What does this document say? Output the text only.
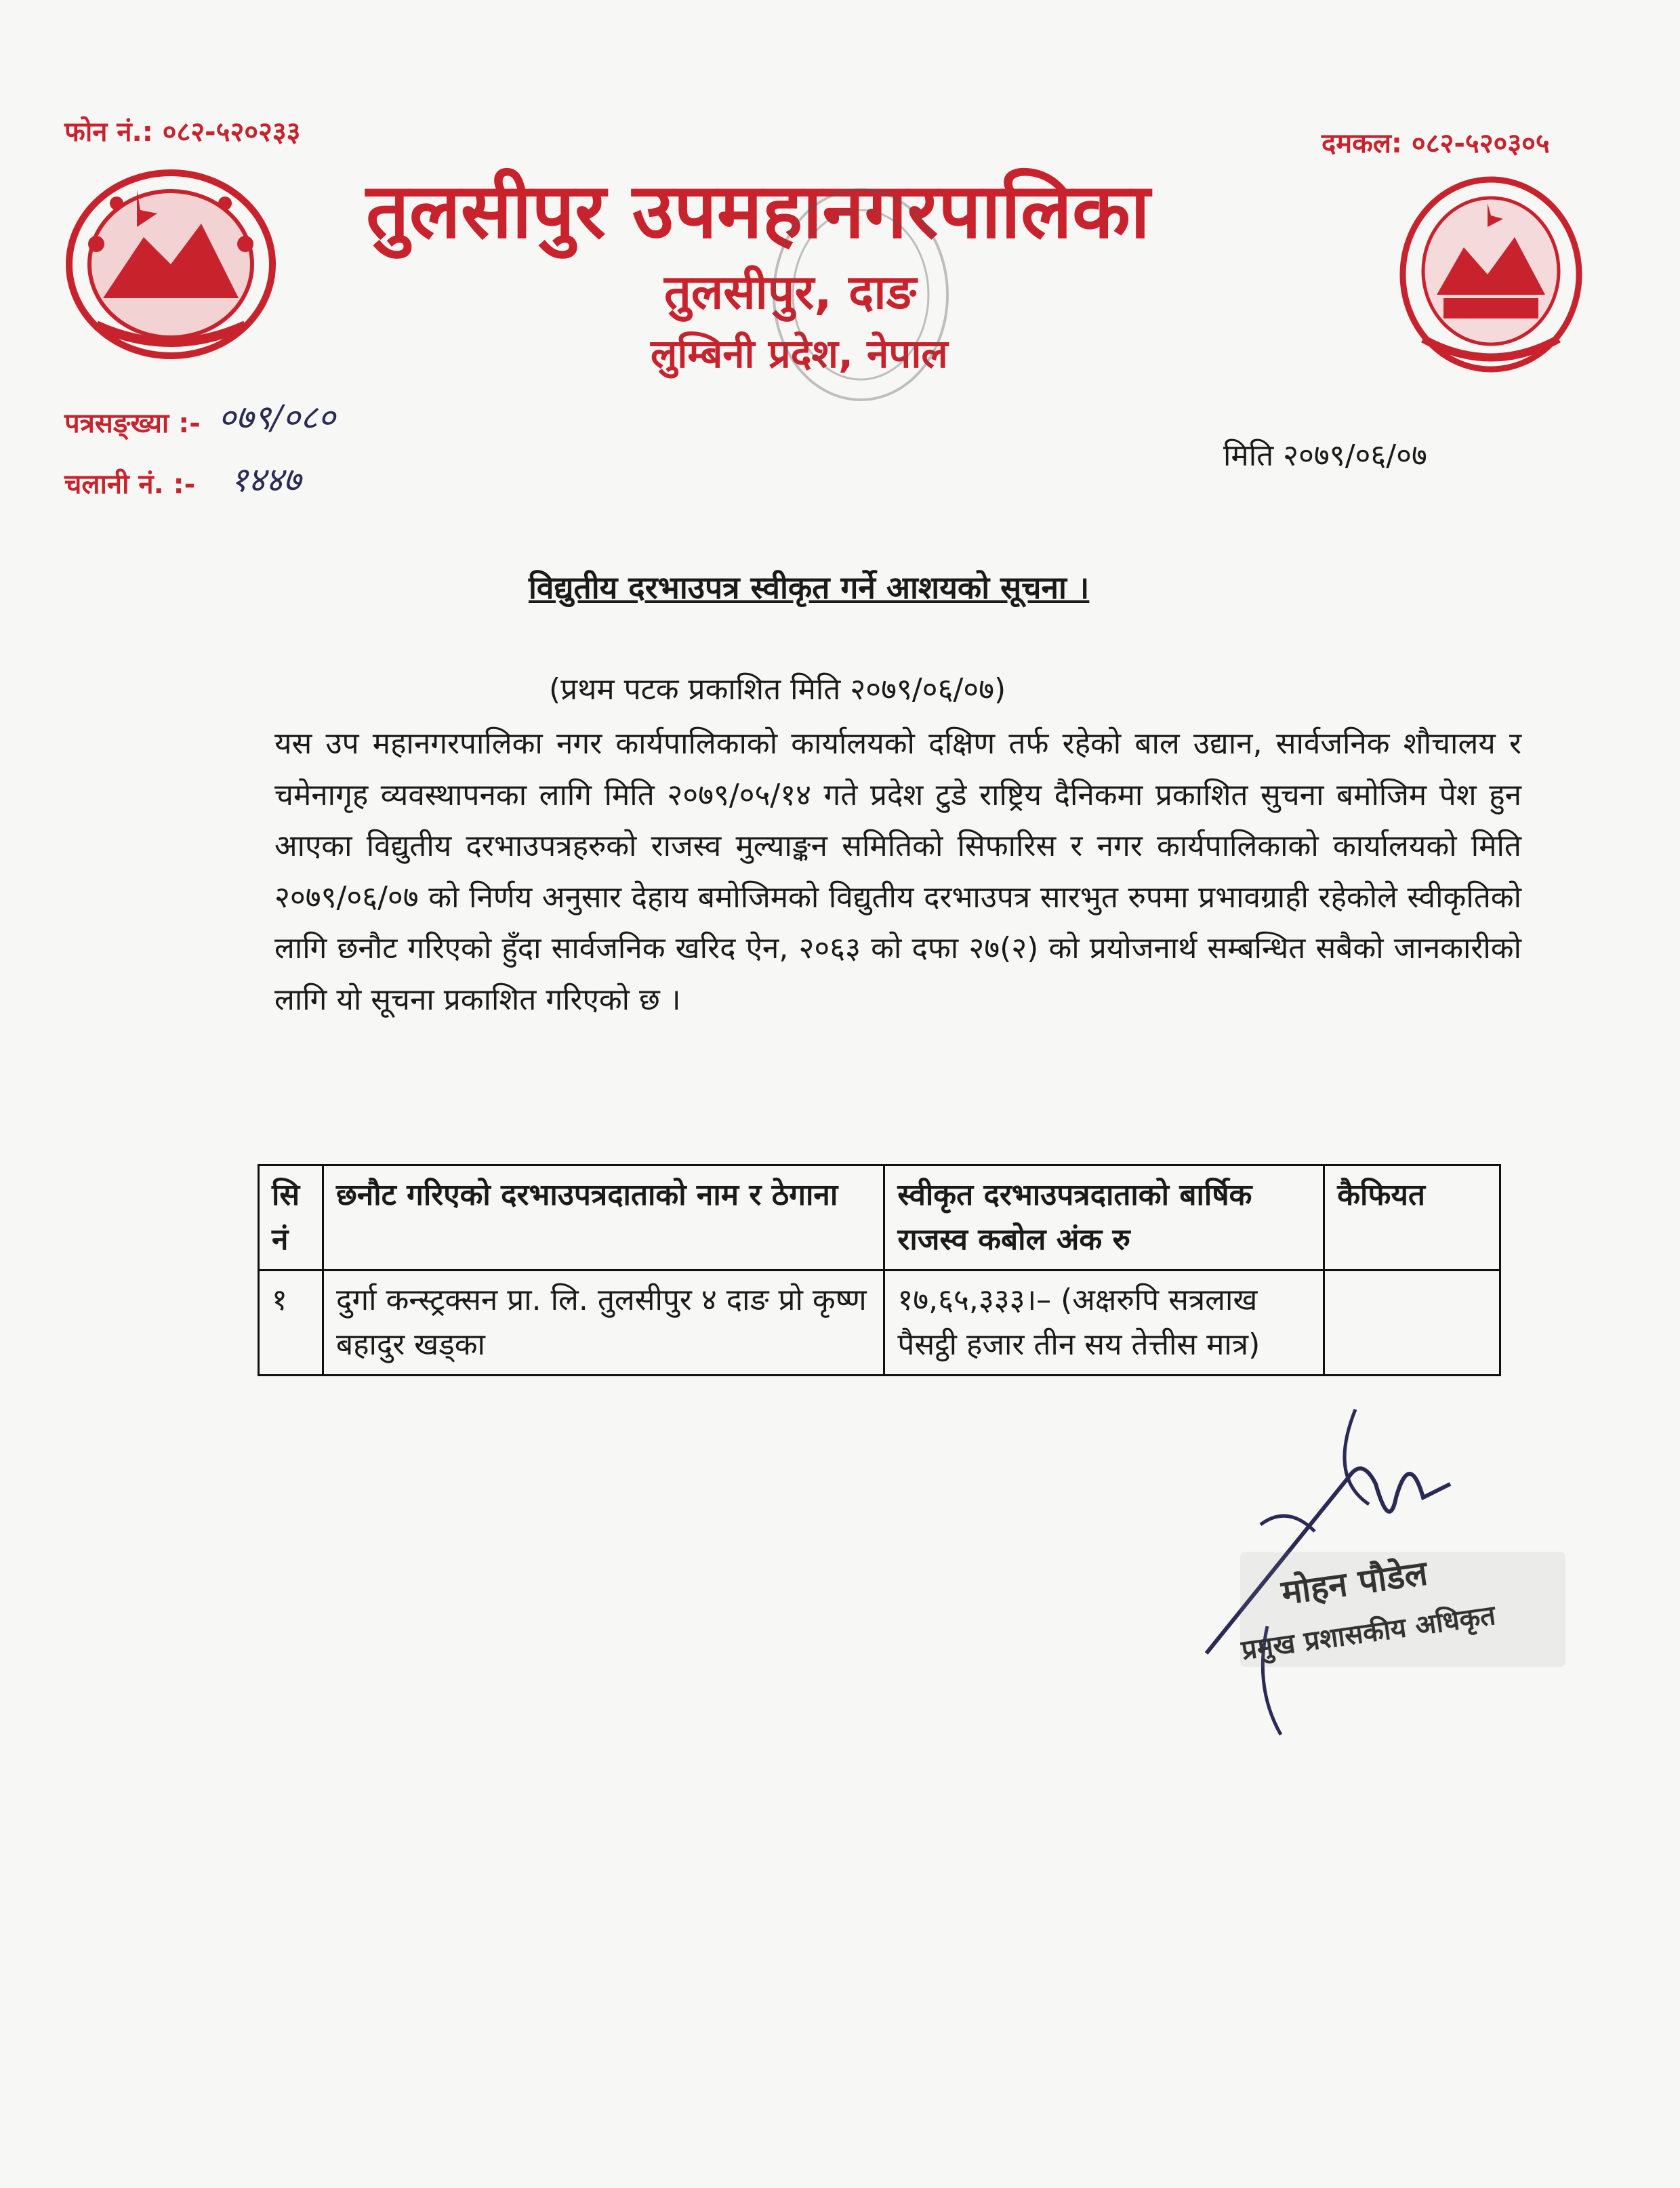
फोन नं.: ०८२-५२०२३३	दमकल: ०८२-५२०३०५
तुलसीपुर उपमहानगरपालिका
तुलसीपुर, दाङ
लुम्बिनी प्रदेश, नेपाल
पत्रसङ्ख्या :- ०७९/०८०
चलानी नं. :- १४४७
मिति २०७९/०६/०७
विद्युतीय दरभाउपत्र स्वीकृत गर्ने आशयको सूचना ।
(प्रथम पटक प्रकाशित मिति २०७९/०६/०७)
यस उप महानगरपालिका नगर कार्यपालिकाको कार्यालयको दक्षिण तर्फ रहेको बाल उद्यान, सार्वजनिक शौचालय र चमेनागृह व्यवस्थापनका लागि मिति २०७९/०५/१४ गते प्रदेश टुडे राष्ट्रिय दैनिकमा प्रकाशित सुचना बमोजिम पेश हुन आएका विद्युतीय दरभाउपत्रहरुको राजस्व मुल्याङ्कन समितिको सिफारिस र नगर कार्यपालिकाको कार्यालयको मिति २०७९/०६/०७ को निर्णय अनुसार देहाय बमोजिमको विद्युतीय दरभाउपत्र सारभुत रुपमा प्रभावग्राही रहेकोले स्वीकृतिको लागि छनौट गरिएको हुँदा सार्वजनिक खरिद ऐन, २०६३ को दफा २७(२) को प्रयोजनार्थ सम्बन्धित सबैको जानकारीको लागि यो सूचना प्रकाशित गरिएको छ ।
सि नं	छनौट गरिएको दरभाउपत्रदाताको नाम र ठेगाना	स्वीकृत दरभाउपत्रदाताको बार्षिक राजस्व कबोल अंक रु	कैफियत
१	दुर्गा कन्स्ट्रक्सन प्रा. लि. तुलसीपुर ४ दाङ प्रो कृष्ण बहादुर खड्का	१७,६५,३३३।– (अक्षरुपि सत्रलाख पैसट्ठी हजार तीन सय तेत्तीस मात्र)	
मोहन पौडेल
प्रमुख प्रशासकीय अधिकृत
